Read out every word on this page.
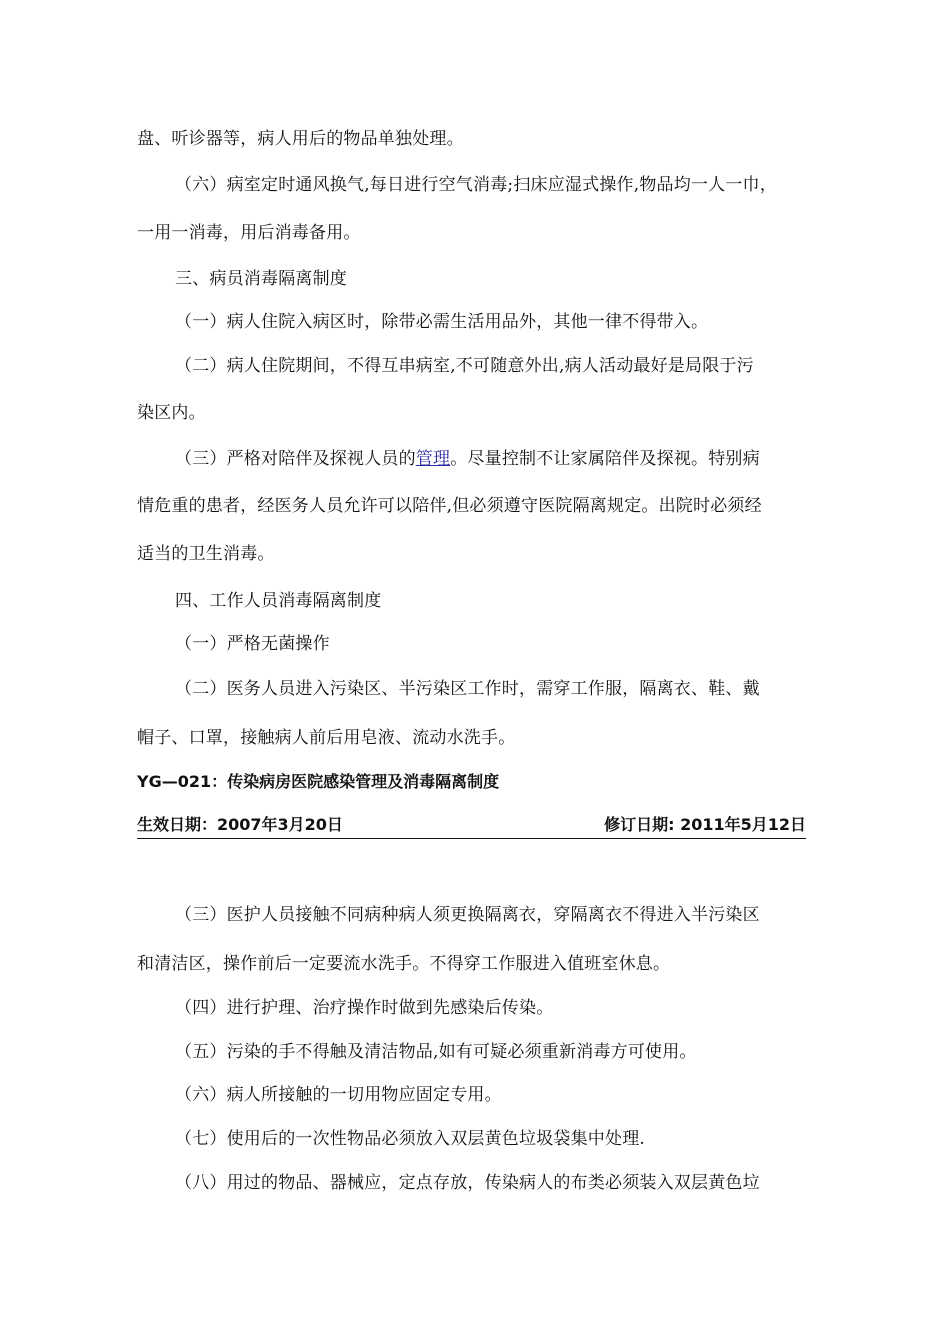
盘、听诊器等，病人用后的物品单独处理。
（六）病室定时通风换气,每日进行空气消毒;扫床应湿式操作,物品均一人一巾，
一用一消毒，用后消毒备用。
三、病员消毒隔离制度
（一）病人住院入病区时，除带必需生活用品外，其他一律不得带入。
（二）病人住院期间，不得互串病室,不可随意外出,病人活动最好是局限于污
染区内。
（三）严格对陪伴及探视人员的管理。尽量控制不让家属陪伴及探视。特别病
情危重的患者，经医务人员允许可以陪伴,但必须遵守医院隔离规定。出院时必须经
适当的卫生消毒。
四、工作人员消毒隔离制度
（一）严格无菌操作
（二）医务人员进入污染区、半污染区工作时，需穿工作服，隔离衣、鞋、戴
帽子、口罩，接触病人前后用皂液、流动水洗手。
YG—021：传染病房医院感染管理及消毒隔离制度
生效日期：2007年3月20日	修订日期: 2011年5月12日
（三）医护人员接触不同病种病人须更换隔离衣，穿隔离衣不得进入半污染区
和清洁区，操作前后一定要流水洗手。不得穿工作服进入值班室休息。
（四）进行护理、治疗操作时做到先感染后传染。
（五）污染的手不得触及清洁物品,如有可疑必须重新消毒方可使用。
（六）病人所接触的一切用物应固定专用。
（七）使用后的一次性物品必须放入双层黄色垃圾袋集中处理.
（八）用过的物品、器械应，定点存放，传染病人的布类必须装入双层黄色垃
